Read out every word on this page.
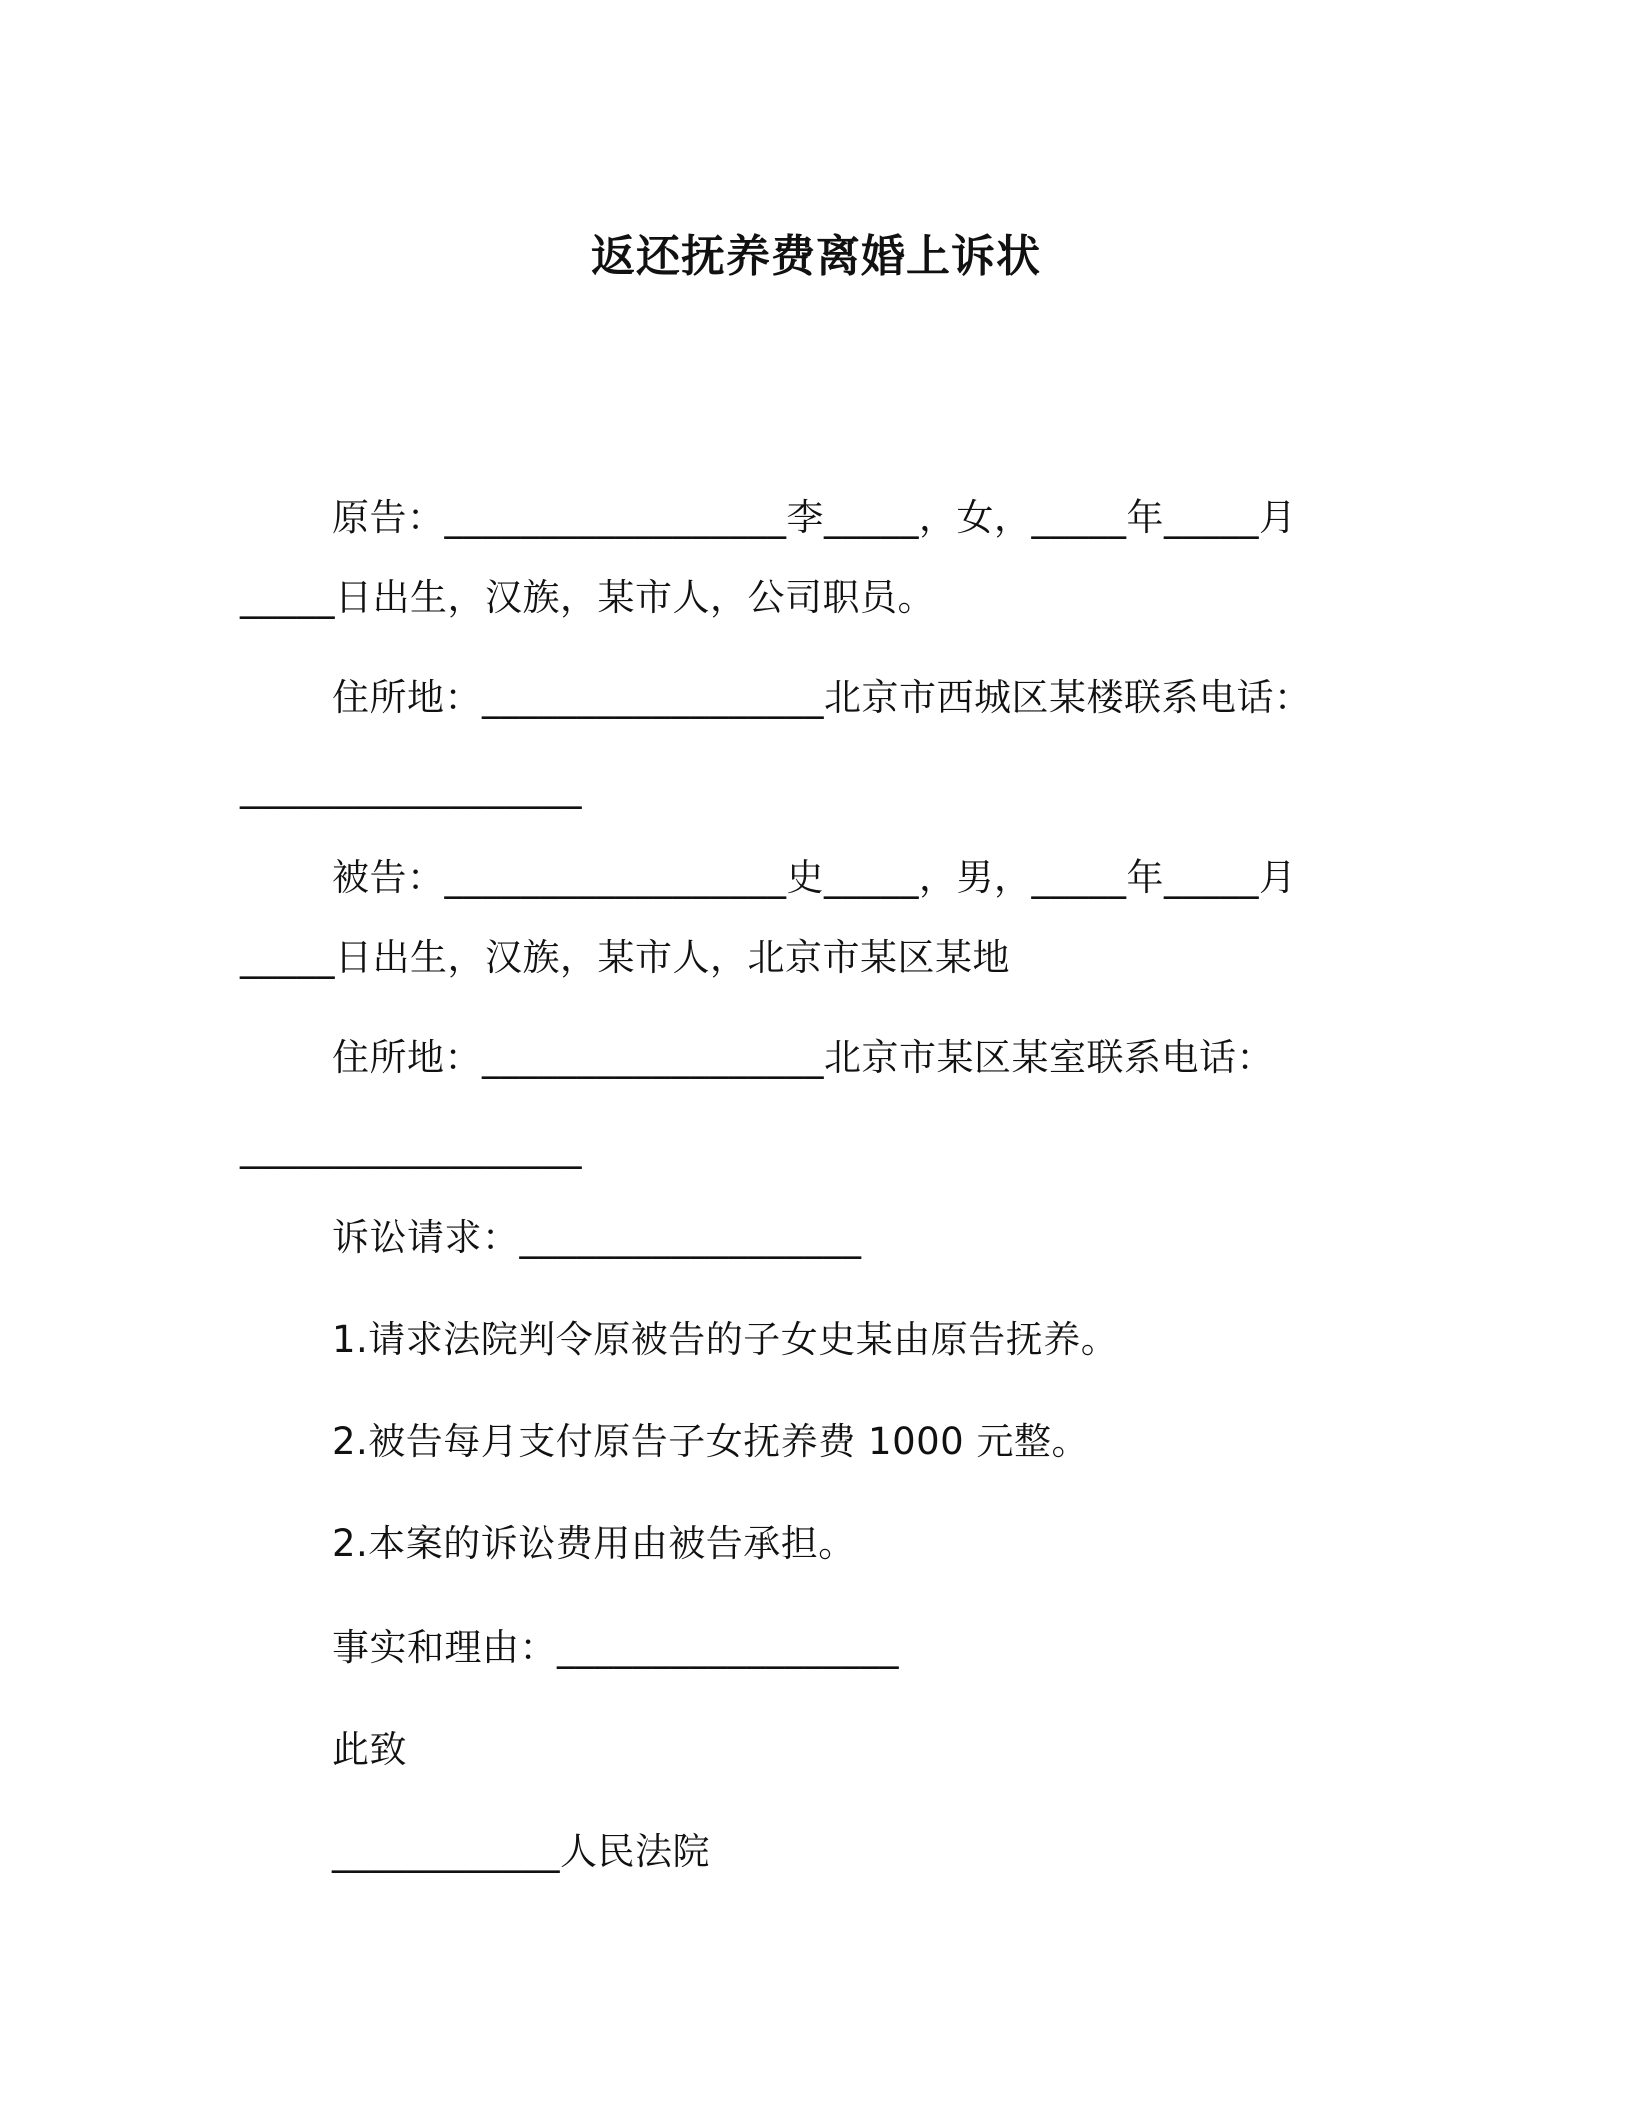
返还抚养费离婚上诉状
原告：__________________李_____，女，_____年_____月
_____日出生，汉族，某市人，公司职员。
住所地：__________________北京市西城区某楼联系电话：
__________________
被告：__________________史_____，男，_____年_____月
_____日出生，汉族，某市人，北京市某区某地
住所地：__________________北京市某区某室联系电话：
__________________
诉讼请求：__________________
1.请求法院判令原被告的子女史某由原告抚养。
2.被告每月支付原告子女抚养费 1000 元整。
2.本案的诉讼费用由被告承担。
事实和理由：__________________
此致
____________人民法院
